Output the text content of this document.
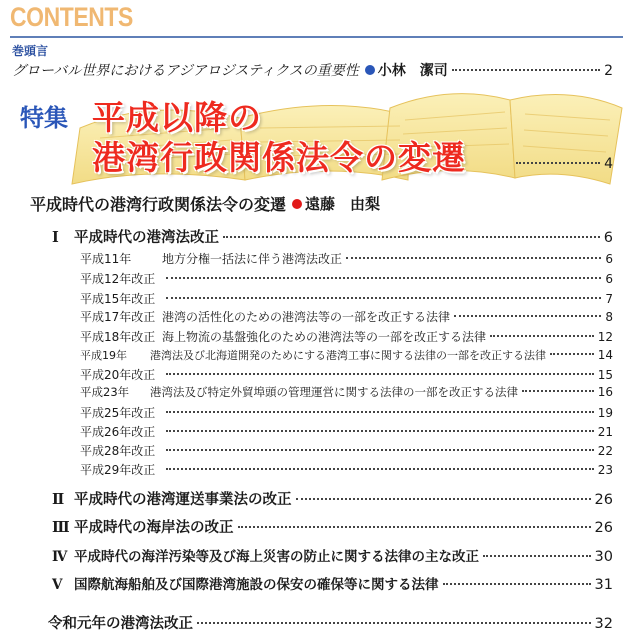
CONTENTS
巻頭言
グローバル世界におけるアジアロジスティクスの重要性 小林　潔司	2
特集 平成以降の
港湾行政関係法令の変遷	4
平成時代の港湾行政関係法令の変遷 遠藤　由梨
Ⅰ	平成時代の港湾法改正	6
平成11年	地方分権一括法に伴う港湾法改正	6
平成12年改正	6
平成15年改正	7
平成17年改正 港湾の活性化のための港湾法等の一部を改正する法律	8
平成18年改正 海上物流の基盤強化のための港湾法等の一部を改正する法律	12
平成19年	港湾法及び北海道開発のためにする港湾工事に関する法律の一部を改正する法律	14
平成20年改正	15
平成23年	港湾法及び特定外貿埠頭の管理運営に関する法律の一部を改正する法律	16
平成25年改正	19
平成26年改正	21
平成28年改正	22
平成29年改正	23
Ⅱ 平成時代の港湾運送事業法の改正	26
Ⅲ 平成時代の海岸法の改正	26
Ⅳ 平成時代の海洋汚染等及び海上災害の防止に関する法律の主な改正	30
Ⅴ 国際航海船舶及び国際港湾施設の保安の確保等に関する法律	31
令和元年の港湾法改正	32
